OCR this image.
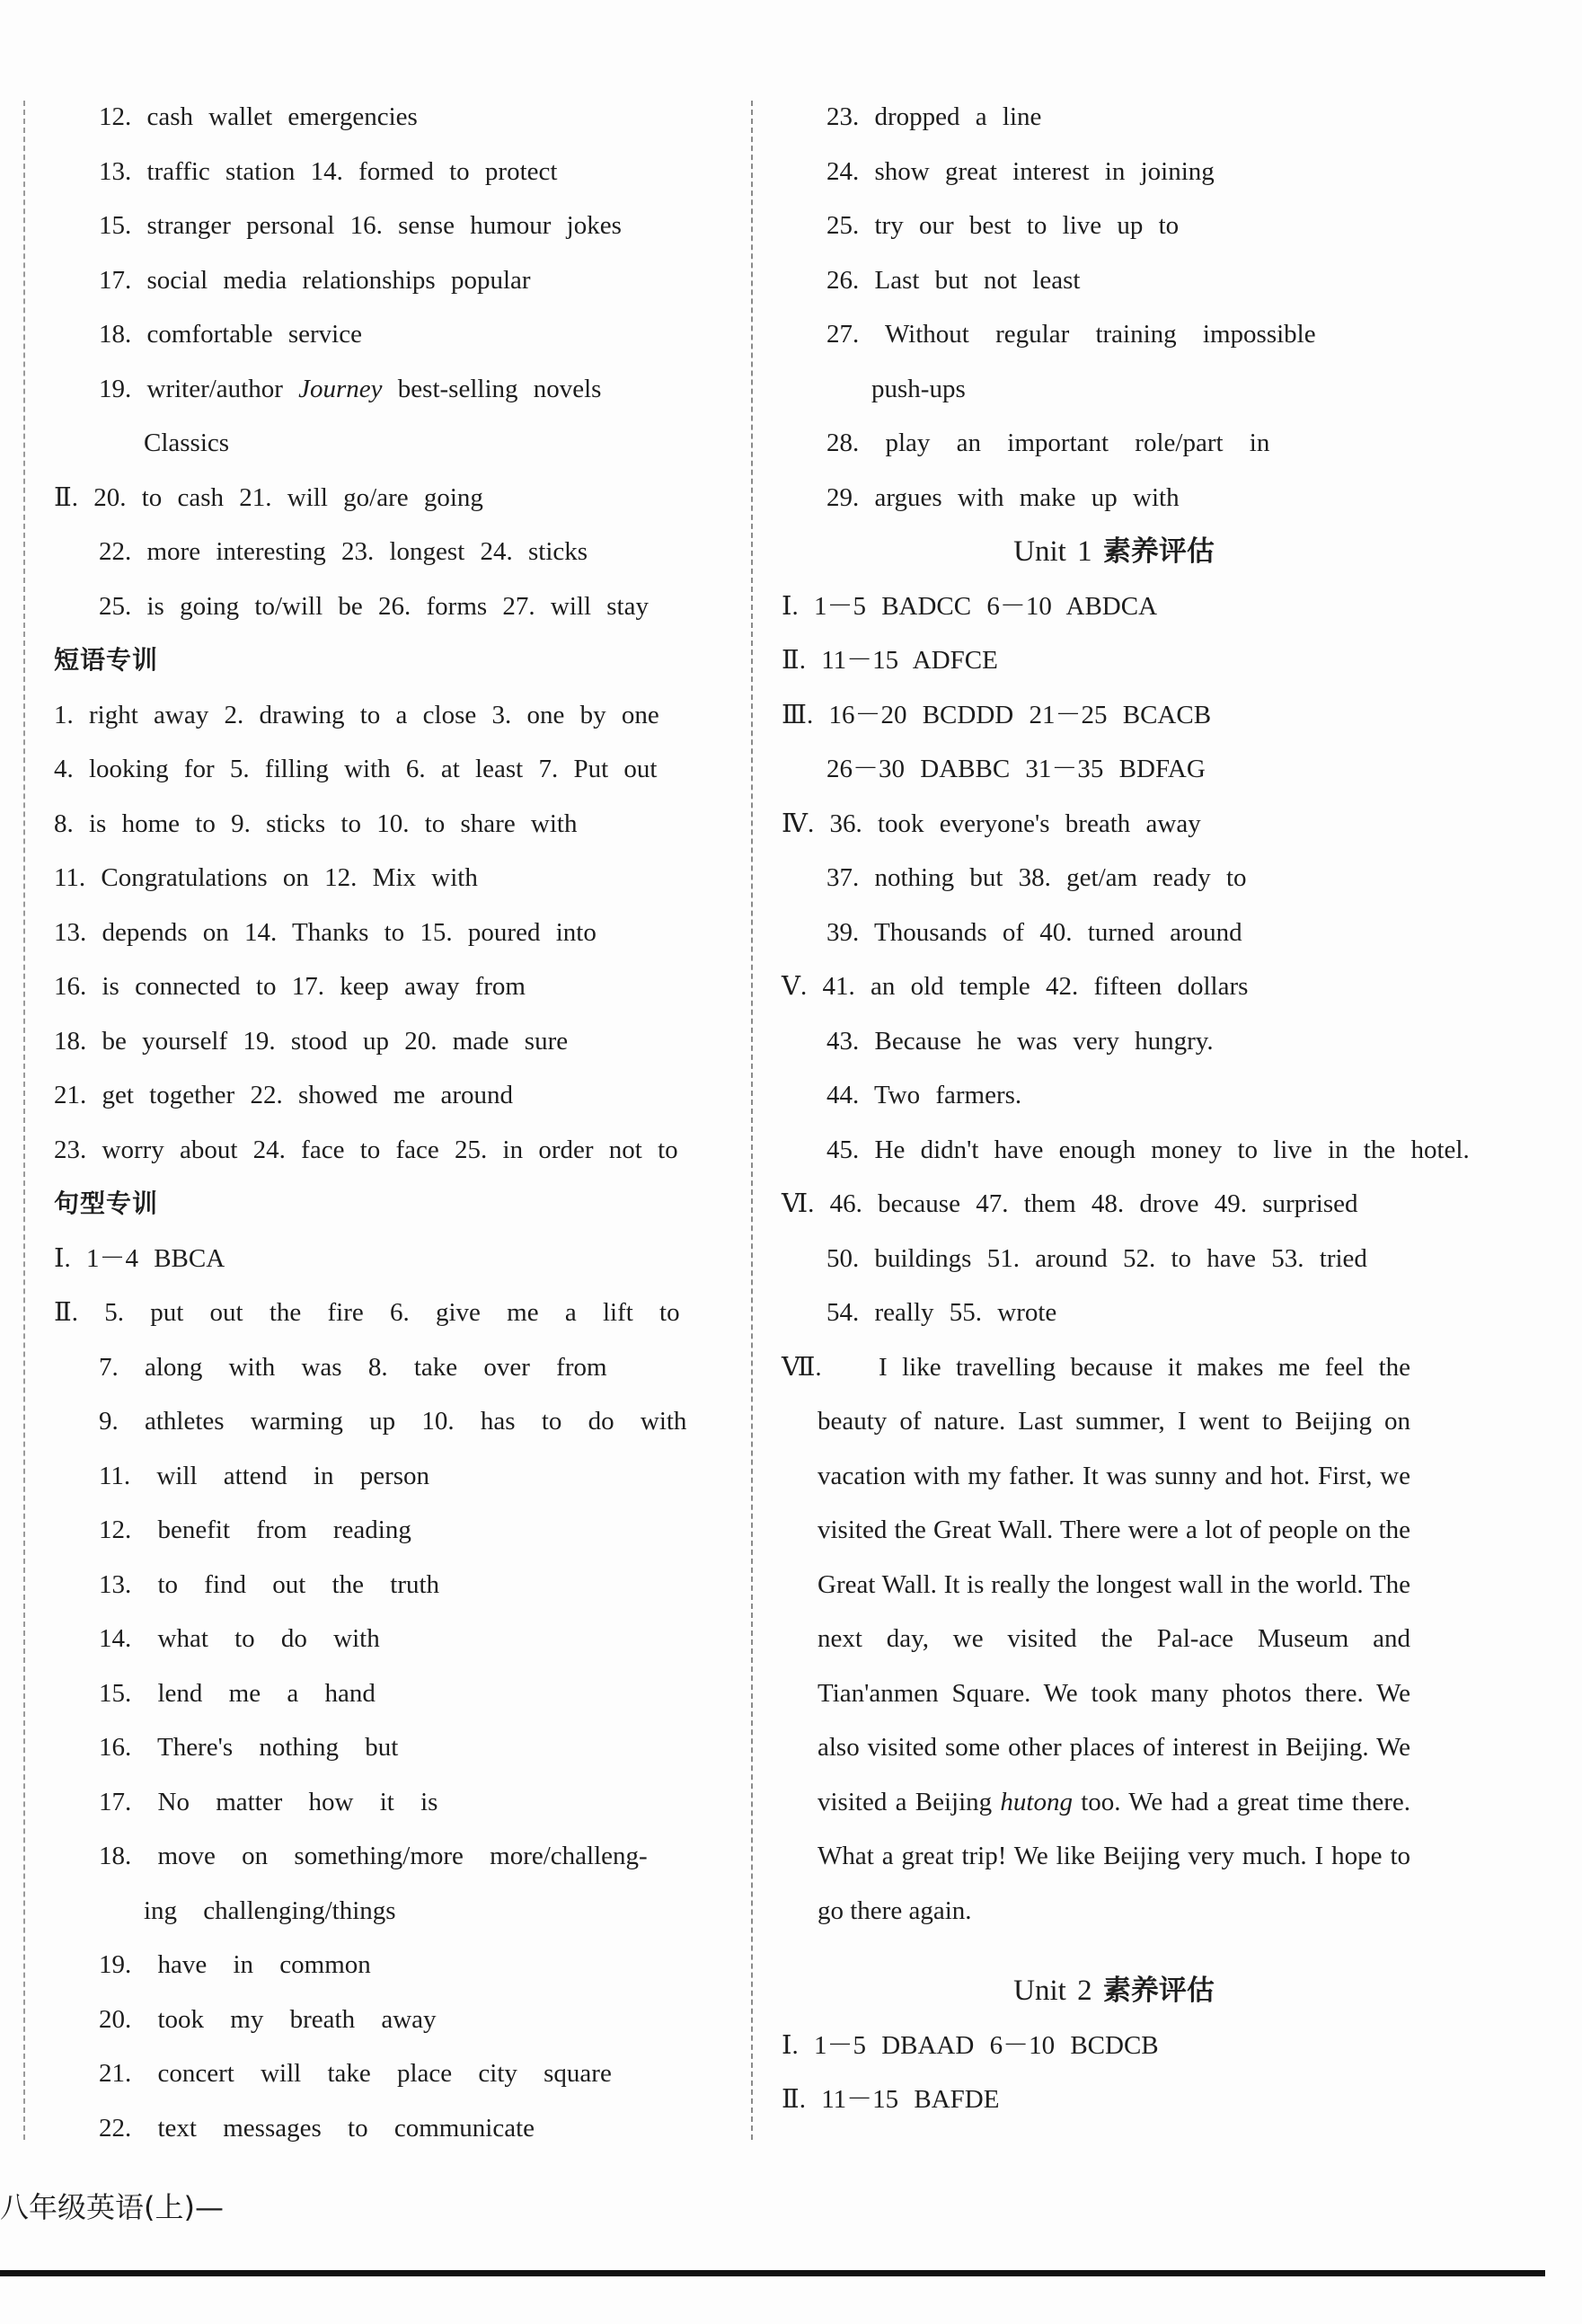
12. cash wallet emergencies
13. traffic station 14. formed to protect
15. stranger personal 16. sense humour jokes
17. social media relationships popular
18. comfortable service
19. writer/author Journey best-selling novels
Classics
Ⅱ. 20. to cash 21. will go/are going
22. more interesting 23. longest 24. sticks
25. is going to/will be 26. forms 27. will stay
短语专训
1. right away 2. drawing to a close 3. one by one
4. looking for 5. filling with 6. at least 7. Put out
8. is home to 9. sticks to 10. to share with
11. Congratulations on 12. Mix with
13. depends on 14. Thanks to 15. poured into
16. is connected to 17. keep away from
18. be yourself 19. stood up 20. made sure
21. get together 22. showed me around
23. worry about 24. face to face 25. in order not to
句型专训
Ⅰ. 1－4 BBCA
Ⅱ. 5. put out the fire 6. give me a lift to
7. along with was 8. take over from
9. athletes warming up 10. has to do with
11. will attend in person
12. benefit from reading
13. to find out the truth
14. what to do with
15. lend me a hand
16. There's nothing but
17. No matter how it is
18. move on something/more more/challeng-
ing challenging/things
19. have in common
20. took my breath away
21. concert will take place city square
22. text messages to communicate
23. dropped a line
24. show great interest in joining
25. try our best to live up to
26. Last but not least
27. Without regular training impossible
push-ups
28. play an important role/part in
29. argues with make up with
Unit 1 素养评估
Ⅰ. 1－5 BADCC 6－10 ABDCA
Ⅱ. 11－15 ADFCE
Ⅲ. 16－20 BCDDD 21－25 BCACB
26－30 DABBC 31－35 BDFAG
Ⅳ. 36. took everyone's breath away
37. nothing but 38. get/am ready to
39. Thousands of 40. turned around
Ⅴ. 41. an old temple 42. fifteen dollars
43. Because he was very hungry.
44. Two farmers.
45. He didn't have enough money to live in the hotel.
Ⅵ. 46. because 47. them 48. drove 49. surprised
50. buildings 51. around 52. to have 53. tried
54. really 55. wrote
Ⅶ.	I like travelling because it makes me feel the beauty of nature. Last summer, I went to Beijing on vacation with my father. It was sunny and hot. First, we visited the Great Wall. There were a lot of people on the Great Wall. It is really the longest wall in the world. The next day, we visited the Pal-ace Museum and Tian'anmen Square. We took many photos there. We also visited some other places of interest in Beijing. We visited a Beijing hutong too. We had a great time there. What a great trip! We like Beijing very much. I hope to go there again.

Unit 2 素养评估
Ⅰ. 1－5 DBAAD 6－10 BCDCB
Ⅱ. 11－15 BAFDE
八年级英语(上)—
